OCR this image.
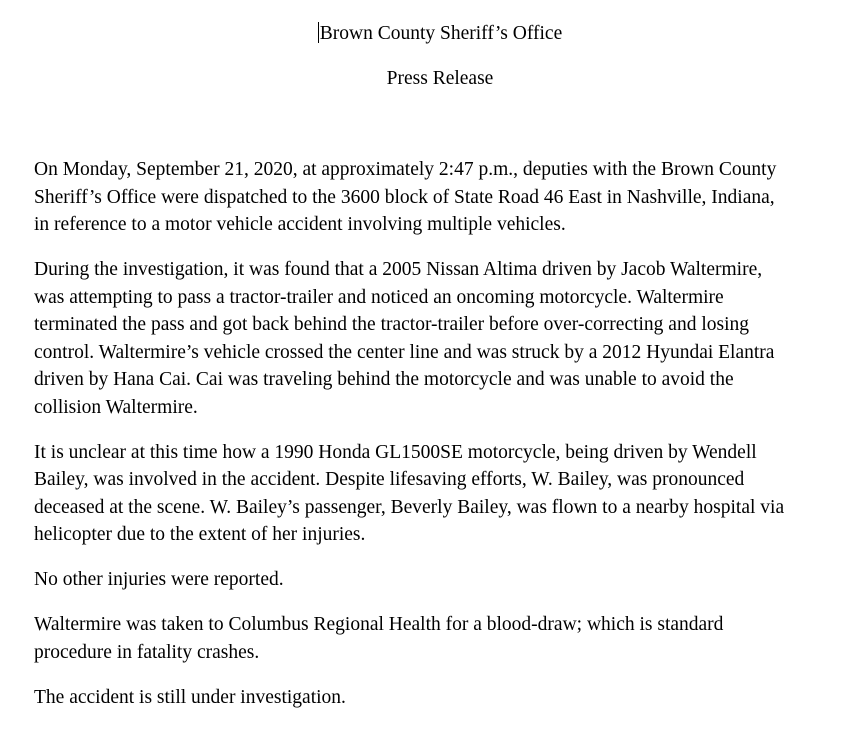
Brown County Sheriff’s Office
Press Release

On Monday, September 21, 2020, at approximately 2:47 p.m., deputies with the Brown County
Sheriff’s Office were dispatched to the 3600 block of State Road 46 East in Nashville, Indiana,
in reference to a motor vehicle accident involving multiple vehicles.

During the investigation, it was found that a 2005 Nissan Altima driven by Jacob Waltermire,
was attempting to pass a tractor-trailer and noticed an oncoming motorcycle. Waltermire
terminated the pass and got back behind the tractor-trailer before over-correcting and losing
control. Waltermire’s vehicle crossed the center line and was struck by a 2012 Hyundai Elantra
driven by Hana Cai. Cai was traveling behind the motorcycle and was unable to avoid the
collision Waltermire.

It is unclear at this time how a 1990 Honda GL1500SE motorcycle, being driven by Wendell
Bailey, was involved in the accident. Despite lifesaving efforts, W. Bailey, was pronounced
deceased at the scene. W. Bailey’s passenger, Beverly Bailey, was flown to a nearby hospital via
helicopter due to the extent of her injuries.

No other injuries were reported.

Waltermire was taken to Columbus Regional Health for a blood-draw; which is standard
procedure in fatality crashes.

The accident is still under investigation.
